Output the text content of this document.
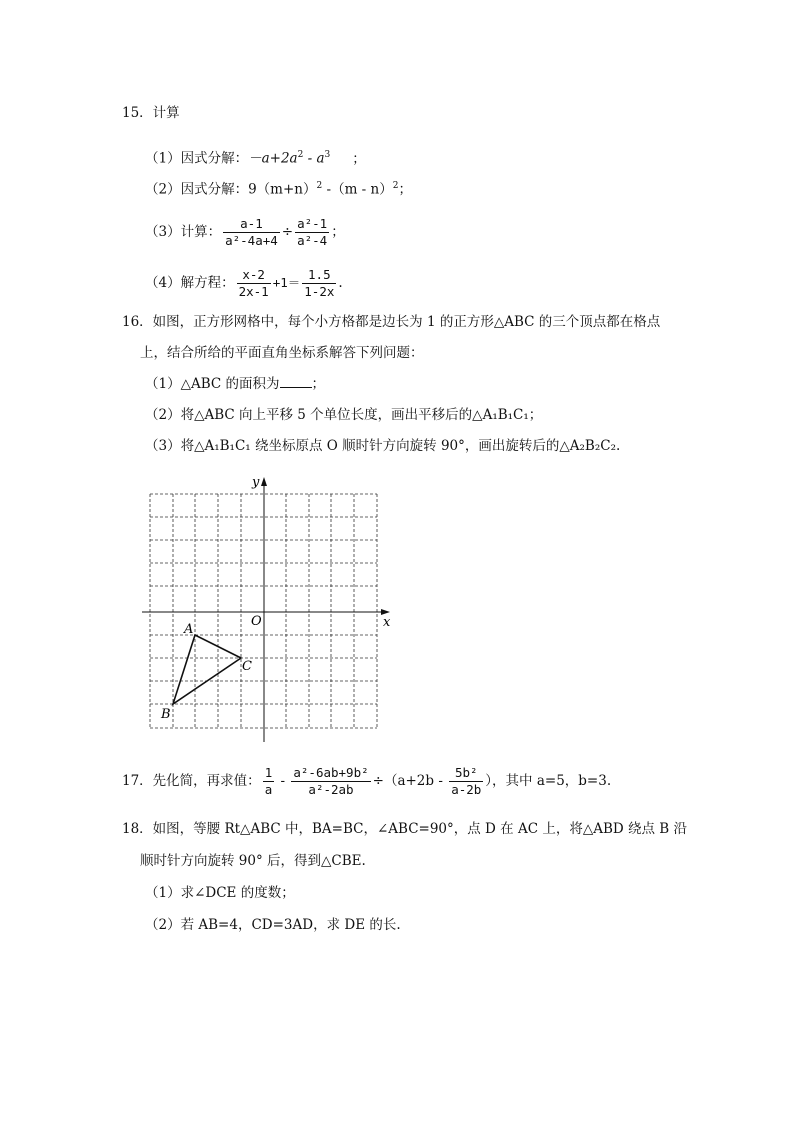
15．计算
（1）因式分解：$-a+2a^2 - a^3$ ；
（2）因式分解：$9(m+n)^2$ -（m - n）$^2$；
（3）计算： $\frac{a-1}{\text{a²-4a+4}} \div \frac{\text{a²-1}}{\text{a²-4}}$ ；
（4）解方程： $\frac{x-2}{2x-1} +1= \frac{1.5}{1-2x}$ .
16．如图，正方形网格中，每个小方格都是边长为 1 的正方形△ABC 的三个顶点都在格点
上，结合所给的平面直角坐标系解答下列问题：
（1）△ABC 的面积为 ；
（2）将△ABC 向上平移 5 个单位长度，画出平移后的△A₁B₁C₁；
（3）将△A₁B₁C₁ 绕坐标原点 O 顺时针方向旋转 90°，画出旋转后的△A₂B₂C₂.
x
y
O
A
C
B
17．先化简，再求值： $\frac{1}{a} - \frac{\text{a²-6ab+9b²}}{\text{a²-2ab}} \div(a+2b - \frac{\text{5b²}}{a-2b}$ ），其中 a=5，b=3.
18．如图，等腰 Rt△ABC 中，BA=BC，∠ABC=90°，点 D 在 AC 上，将△ABD 绕点 B 沿
顺时针方向旋转 90° 后，得到△CBE.
（1）求∠DCE 的度数；
（2）若 AB=4，CD=3AD，求 DE 的长.
